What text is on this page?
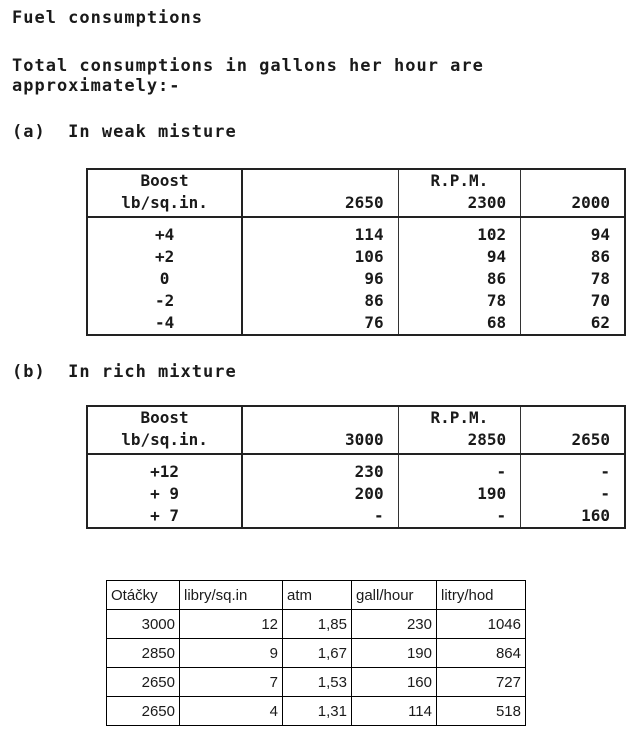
Fuel consumptions
Total consumptions in gallons her hour are
approximately:-
(a)  In weak misture
Boost		R.P.M.	
lb/sq.in.	2650	2300	2000

+4	114	102	94
+2	106	94	86
0	96	86	78
-2	86	78	70
-4	76	68	62
(b)  In rich mixture
Boost		R.P.M.	
lb/sq.in.	3000	2850	2650

+12	230	-	-
+ 9	200	190	-
+ 7	-	-	160
Otáčky	libry/sq.in	atm	gall/hour	litry/hod
3000	12	1,85	230	1046
2850	9	1,67	190	864
2650	7	1,53	160	727
2650	4	1,31	114	518
